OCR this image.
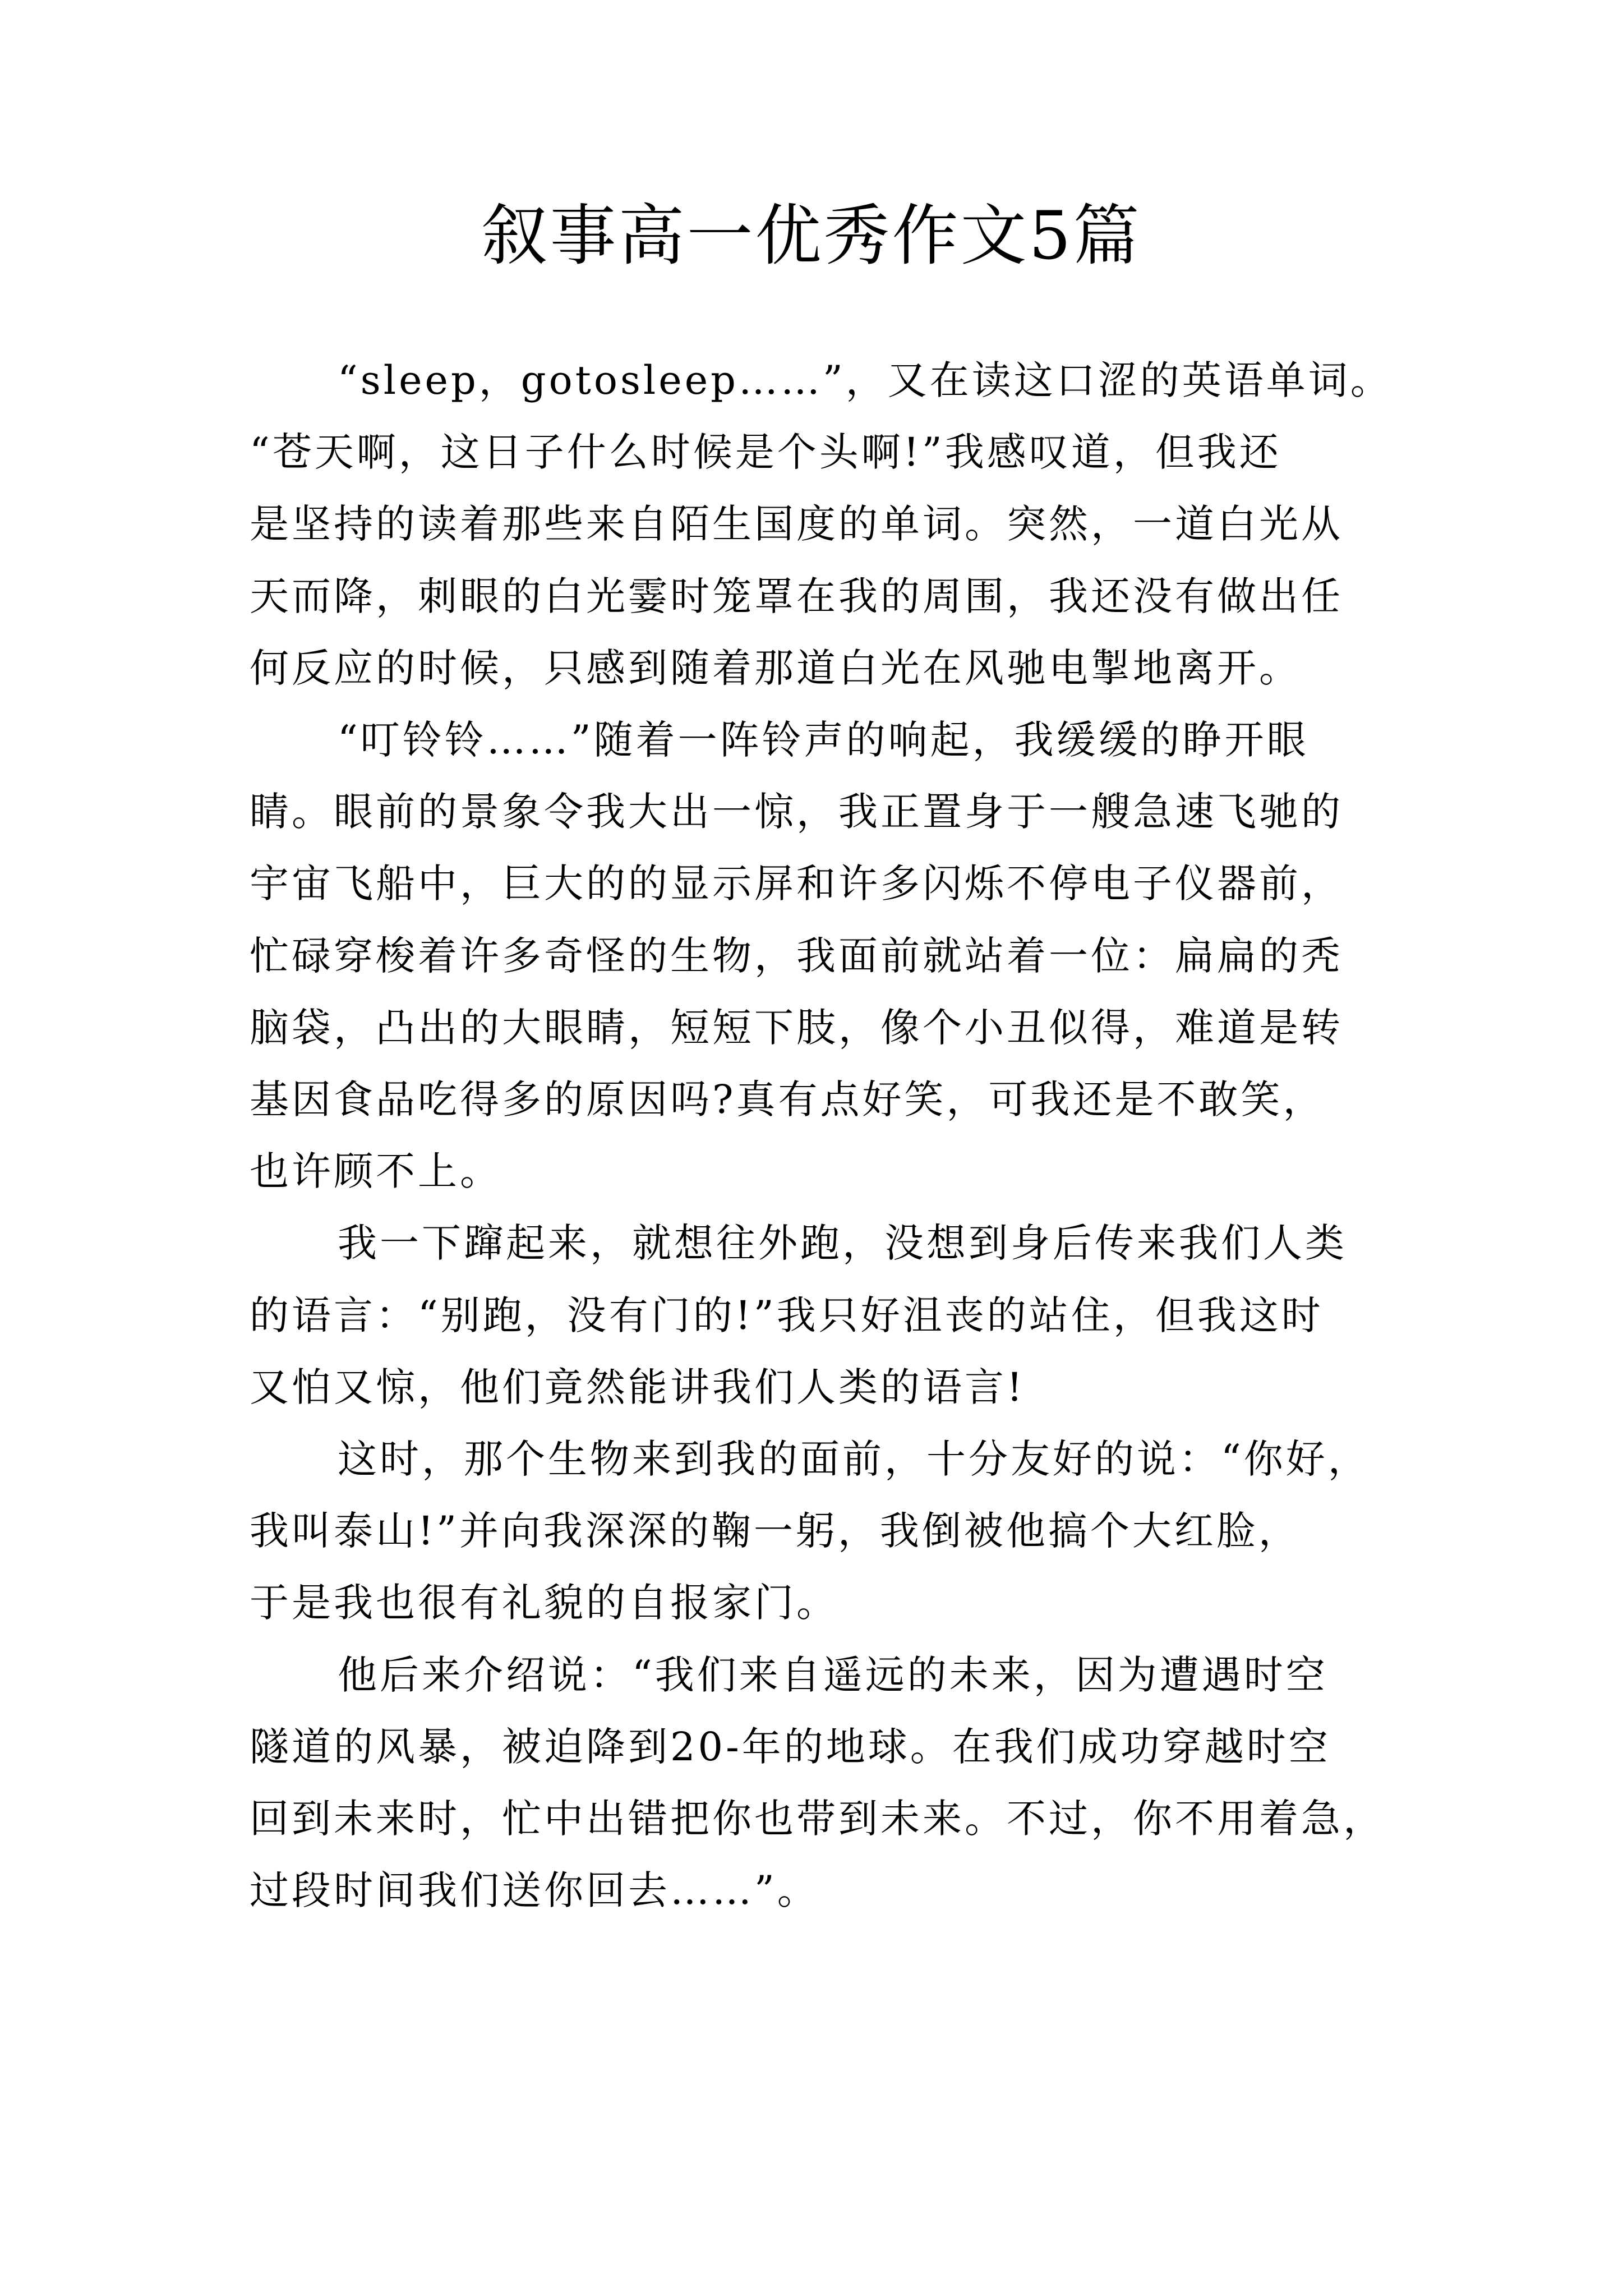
叙事高一优秀作文5篇

“sleep，gotosleep……”，又在读这口涩的英语单词。
“苍天啊，这日子什么时候是个头啊!”我感叹道，但我还
是坚持的读着那些来自陌生国度的单词。突然，一道白光从
天而降，刺眼的白光霎时笼罩在我的周围，我还没有做出任
何反应的时候，只感到随着那道白光在风驰电掣地离开。

“叮铃铃……”随着一阵铃声的响起，我缓缓的睁开眼
睛。眼前的景象令我大出一惊，我正置身于一艘急速飞驰的
宇宙飞船中，巨大的的显示屏和许多闪烁不停电子仪器前，
忙碌穿梭着许多奇怪的生物，我面前就站着一位：扁扁的秃
脑袋，凸出的大眼睛，短短下肢，像个小丑似得，难道是转
基因食品吃得多的原因吗?真有点好笑，可我还是不敢笑，
也许顾不上。

我一下蹿起来，就想往外跑，没想到身后传来我们人类
的语言：“别跑，没有门的!”我只好沮丧的站住，但我这时
又怕又惊，他们竟然能讲我们人类的语言!

这时，那个生物来到我的面前，十分友好的说：“你好，
我叫泰山!”并向我深深的鞠一躬，我倒被他搞个大红脸，
于是我也很有礼貌的自报家门。

他后来介绍说：“我们来自遥远的未来，因为遭遇时空
隧道的风暴，被迫降到20-年的地球。在我们成功穿越时空
回到未来时，忙中出错把你也带到未来。不过，你不用着急，
过段时间我们送你回去……”。
